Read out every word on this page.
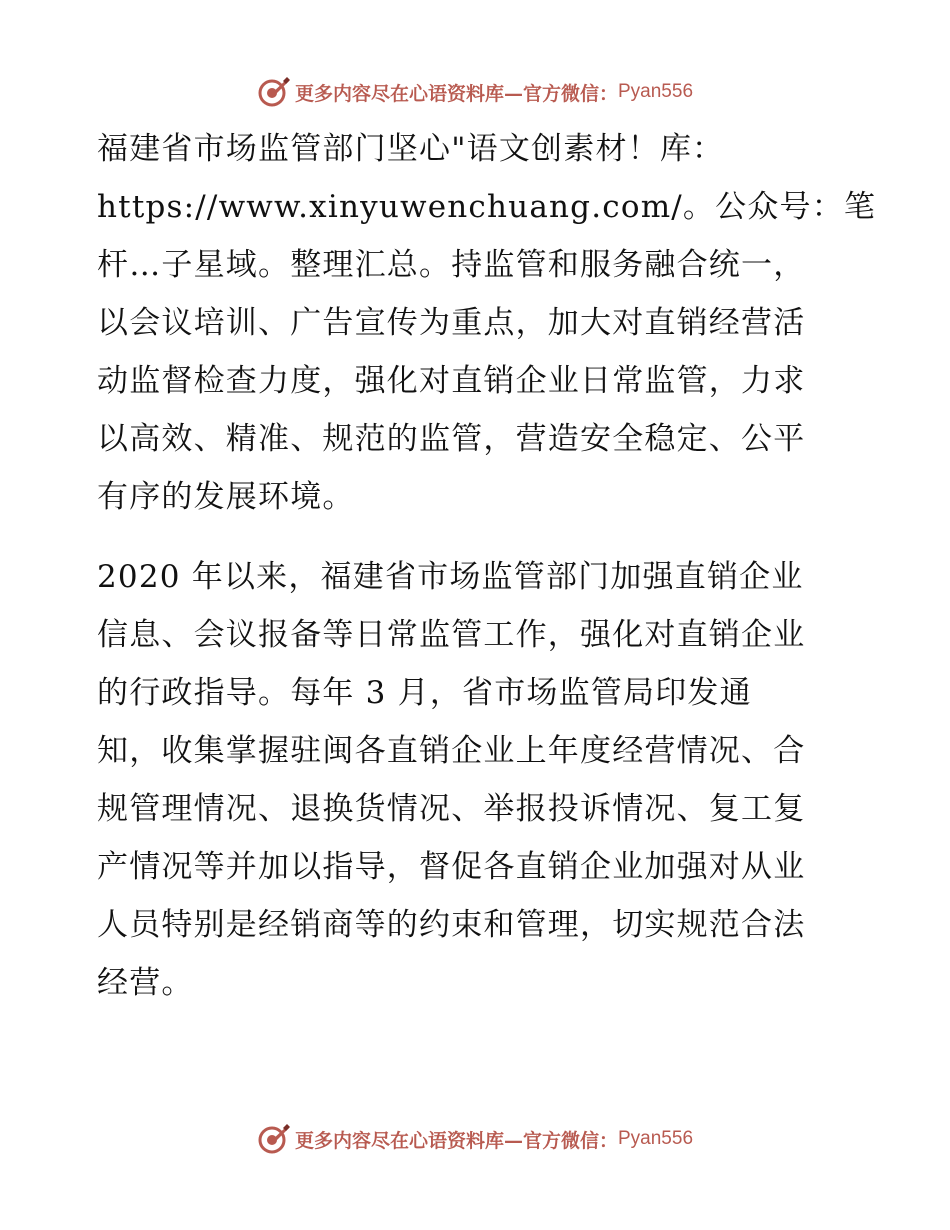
更多内容尽在心语资料库—官方微信： Pyan556

福建省市场监管部门坚心"语文创素材！库：
https://www.xinyuwenchuang.com/。公众号：笔
杆…子星域。整理汇总。持监管和服务融合统一，
以会议培训、广告宣传为重点，加大对直销经营活
动监督检查力度，强化对直销企业日常监管，力求
以高效、精准、规范的监管，营造安全稳定、公平
有序的发展环境。

2020 年以来，福建省市场监管部门加强直销企业
信息、会议报备等日常监管工作，强化对直销企业
的行政指导。每年 3 月，省市场监管局印发通
知，收集掌握驻闽各直销企业上年度经营情况、合
规管理情况、退换货情况、举报投诉情况、复工复
产情况等并加以指导，督促各直销企业加强对从业
人员特别是经销商等的约束和管理，切实规范合法
经营。

更多内容尽在心语资料库—官方微信： Pyan556
